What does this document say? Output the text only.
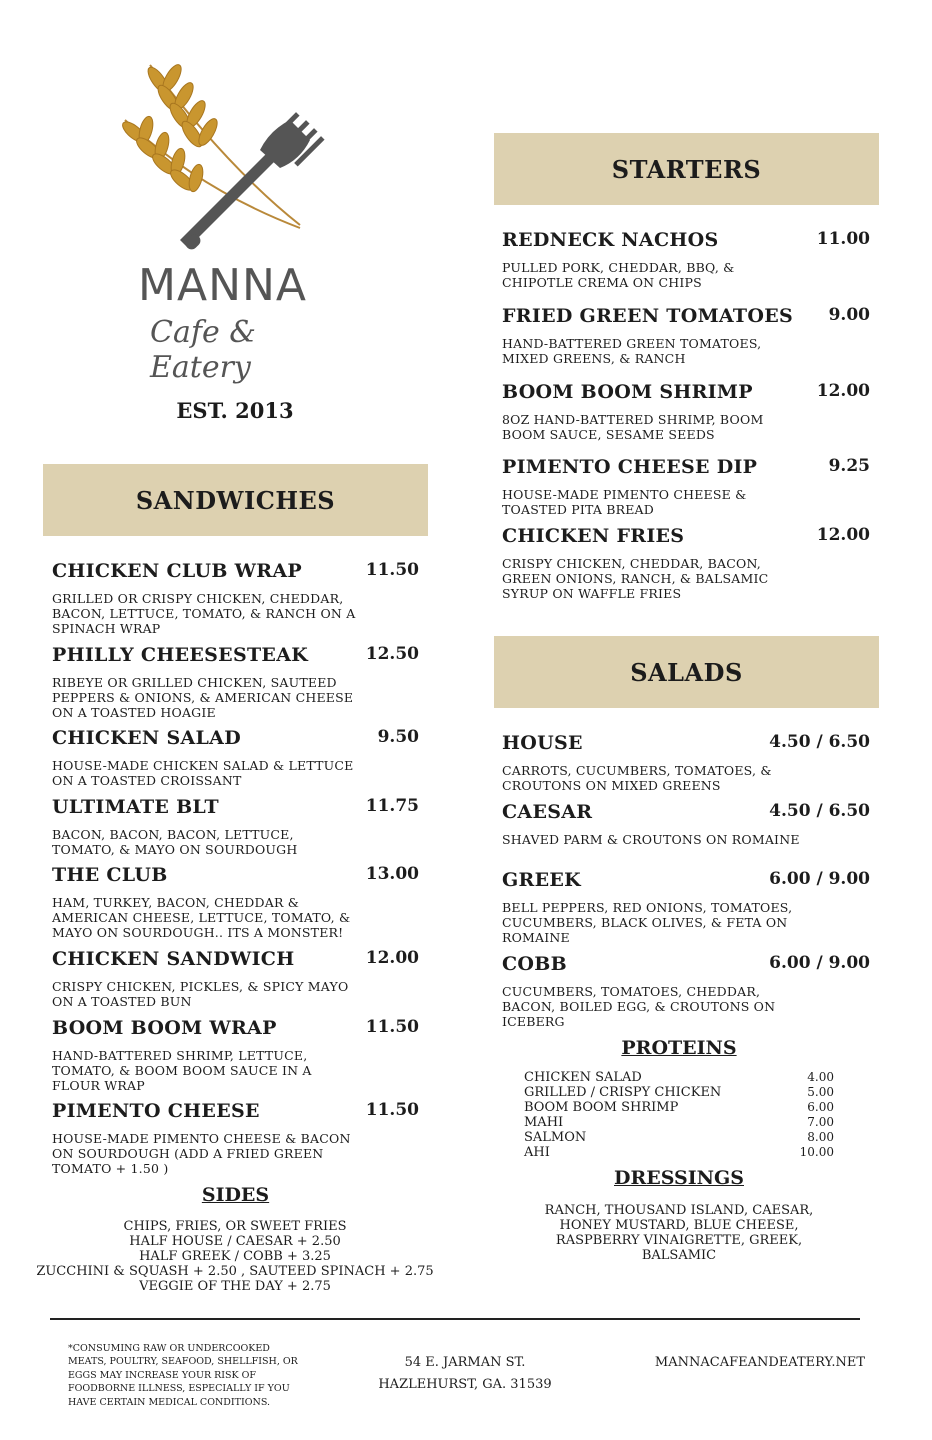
MANNA
Cafe & Eatery
EST. 2013
SANDWICHES
CHICKEN CLUB WRAP	11.50
GRILLED OR CRISPY CHICKEN, CHEDDAR, BACON, LETTUCE, TOMATO, & RANCH ON A SPINACH WRAP
PHILLY CHEESESTEAK	12.50
RIBEYE OR GRILLED CHICKEN, SAUTEED PEPPERS & ONIONS, & AMERICAN CHEESE ON A TOASTED HOAGIE
CHICKEN SALAD	9.50
HOUSE-MADE CHICKEN SALAD & LETTUCE ON A TOASTED CROISSANT
ULTIMATE BLT	11.75
BACON, BACON, BACON, LETTUCE, TOMATO, & MAYO ON SOURDOUGH
THE CLUB	13.00
HAM, TURKEY, BACON, CHEDDAR & AMERICAN CHEESE, LETTUCE, TOMATO, & MAYO ON SOURDOUGH.. ITS A MONSTER!
CHICKEN SANDWICH	12.00
CRISPY CHICKEN, PICKLES, & SPICY MAYO ON A TOASTED BUN
BOOM BOOM WRAP	11.50
HAND-BATTERED SHRIMP, LETTUCE, TOMATO, & BOOM BOOM SAUCE IN A FLOUR WRAP
PIMENTO CHEESE	11.50
HOUSE-MADE PIMENTO CHEESE & BACON ON SOURDOUGH (ADD A FRIED GREEN TOMATO + 1.50 )
SIDES
CHIPS, FRIES, OR SWEET FRIES
HALF HOUSE / CAESAR + 2.50
HALF GREEK / COBB + 3.25
ZUCCHINI & SQUASH + 2.50 , SAUTEED SPINACH + 2.75
VEGGIE OF THE DAY + 2.75
STARTERS
REDNECK NACHOS	11.00
PULLED PORK, CHEDDAR, BBQ, & CHIPOTLE CREMA ON CHIPS
FRIED GREEN TOMATOES 9.00
HAND-BATTERED GREEN TOMATOES, MIXED GREENS, & RANCH
BOOM BOOM SHRIMP	12.00
8OZ HAND-BATTERED SHRIMP, BOOM BOOM SAUCE, SESAME SEEDS
PIMENTO CHEESE DIP	9.25
HOUSE-MADE PIMENTO CHEESE & TOASTED PITA BREAD
CHICKEN FRIES	12.00
CRISPY CHICKEN, CHEDDAR, BACON, GREEN ONIONS, RANCH, & BALSAMIC SYRUP ON WAFFLE FRIES
SALADS
HOUSE	4.50 / 6.50
CARROTS, CUCUMBERS, TOMATOES, & CROUTONS ON MIXED GREENS
CAESAR	4.50 / 6.50
SHAVED PARM & CROUTONS ON ROMAINE
GREEK	6.00 / 9.00
BELL PEPPERS, RED ONIONS, TOMATOES, CUCUMBERS, BLACK OLIVES, & FETA ON ROMAINE
COBB	6.00 / 9.00
CUCUMBERS, TOMATOES, CHEDDAR, BACON, BOILED EGG, & CROUTONS ON ICEBERG
PROTEINS
CHICKEN SALAD	4.00
GRILLED / CRISPY CHICKEN	5.00
BOOM BOOM SHRIMP	6.00
MAHI	7.00
SALMON	8.00
AHI	10.00
DRESSINGS
RANCH, THOUSAND ISLAND, CAESAR,
HONEY MUSTARD, BLUE CHEESE,
RASPBERRY VINAIGRETTE, GREEK,
BALSAMIC
*CONSUMING RAW OR UNDERCOOKED
MEATS, POULTRY, SEAFOOD, SHELLFISH, OR
EGGS MAY INCREASE YOUR RISK OF
FOODBORNE ILLNESS, ESPECIALLY IF YOU
HAVE CERTAIN MEDICAL CONDITIONS.
54 E. JARMAN ST.
HAZLEHURST, GA. 31539
MANNACAFEANDEATERY.NET
